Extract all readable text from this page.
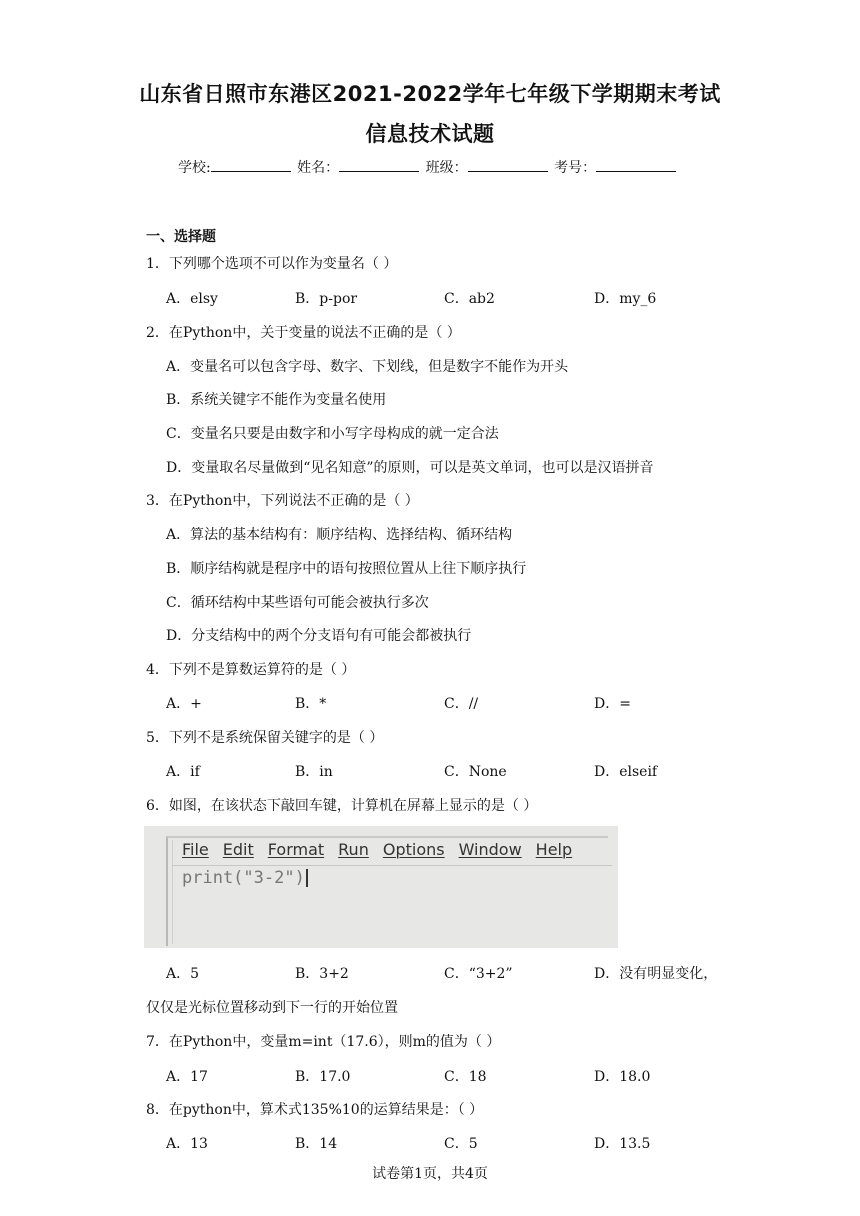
山东省日照市东港区2021-2022学年七年级下学期期末考试
信息技术试题
学校:	姓名：	班级：	考号：
一、选择题
1．下列哪个选项不可以作为变量名（ ）
A．elsy	B．p-por	C．ab2	D．my_6
2．在Python中，关于变量的说法不正确的是（ ）
A．变量名可以包含字母、数字、下划线，但是数字不能作为开头
B．系统关键字不能作为变量名使用
C．变量名只要是由数字和小写字母构成的就一定合法
D．变量取名尽量做到“见名知意”的原则，可以是英文单词，也可以是汉语拼音
3．在Python中，下列说法不正确的是（ ）
A．算法的基本结构有：顺序结构、选择结构、循环结构
B．顺序结构就是程序中的语句按照位置从上往下顺序执行
C．循环结构中某些语句可能会被执行多次
D．分支结构中的两个分支语句有可能会都被执行
4．下列不是算数运算符的是（ ）
A．+	B．*	C．//	D．=
5．下列不是系统保留关键字的是（ ）
A．if	B．in	C．None	D．elseif
6．如图，在该状态下敲回车键，计算机在屏幕上显示的是（ ）
File Edit Format Run Options Window Help
print("3-2")
A．5	B．3+2	C．“3+2”	D．没有明显变化，
仅仅是光标位置移动到下一行的开始位置
7．在Python中，变量m=int（17.6），则m的值为（ ）
A．17	B．17.0	C．18	D．18.0
8．在python中，算术式135%10的运算结果是：（ ）
A．13	B．14	C．5	D．13.5
试卷第1页，共4页
